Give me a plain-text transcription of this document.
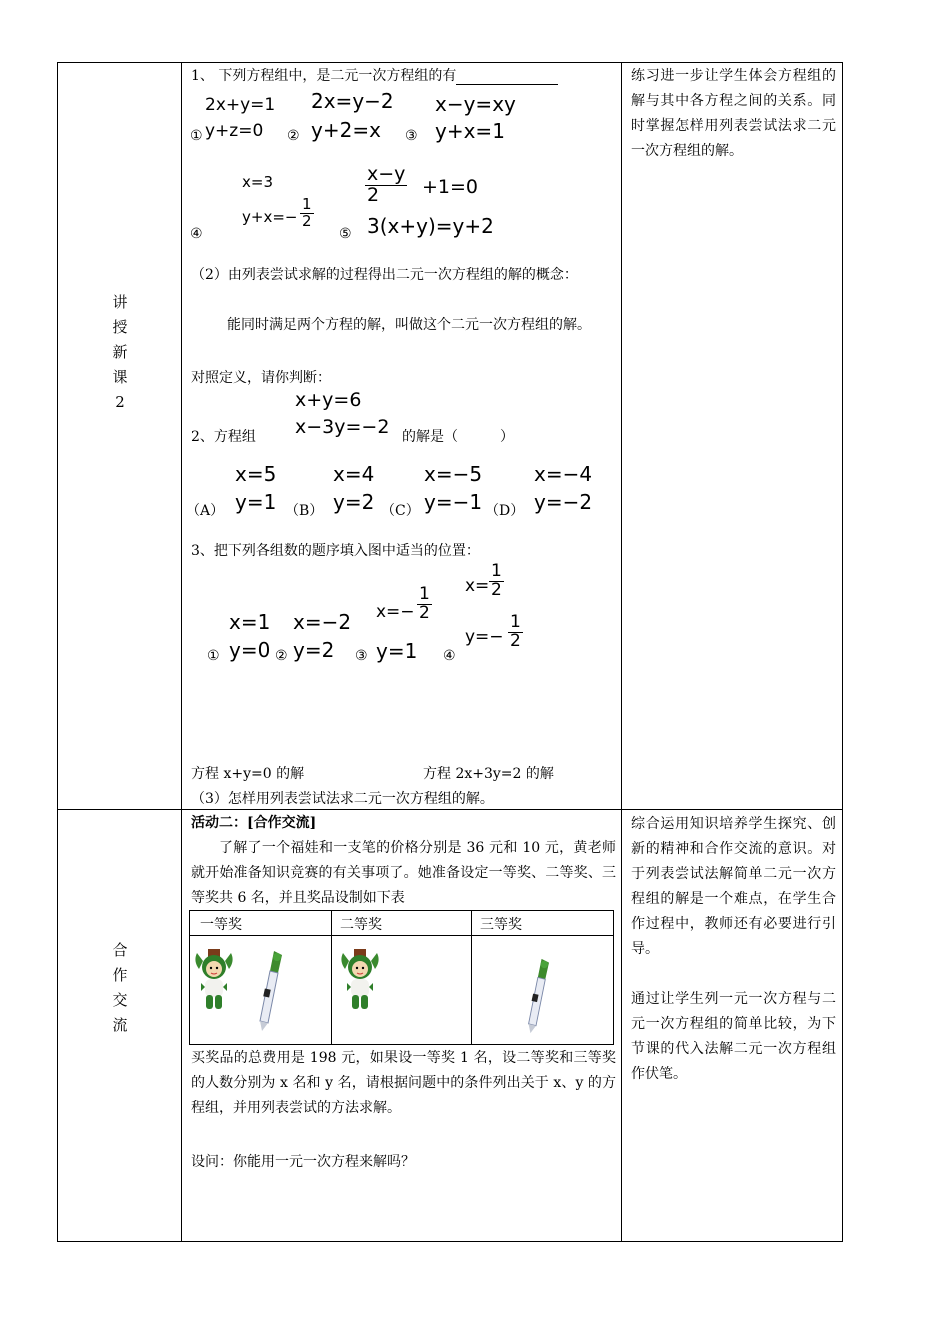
讲
授
新
课
2
1、 下列方程组中，是二元一次方程组的有
①
2x+y=1
y+z=0 ②
2x=y−2
y+2=x ③
x−y=xy
y+x=1
④
x=3
$y+x=- \frac{1}{2}$
⑤
$\frac{x-y}{2} +1=0$
3(x+y)=y+2
（2）由列表尝试求解的过程得出二元一次方程组的解的概念：
能同时满足两个方程的解，叫做这个二元一次方程组的解。
对照定义，请你判断：
2、方程组
x+y=6
x−3y=−2 的解是（　　　）
（A）
x=5
y=1 （B）
x=4
y=2 （C）
x=−5
y=−1 （D）
x=−4
y=−2
3、把下列各组数的题序填入图中适当的位置：
①
x=1
y=0 ②
x=−2
y=2 ③
$x=- \frac{1}{2}$
y=1 ④
$x= \frac{1}{2}$
$y=- \frac{1}{2}$
方程 x+y=0 的解	方程 2x+3y=2 的解
（3）怎样用列表尝试法求二元一次方程组的解。
练习进一步让学生体会方程组的解与其中各方程之间的关系。同时掌握怎样用列表尝试法求二元一次方程组的解。
合
作
交
流
活动二：[合作交流]
了解了一个福娃和一支笔的价格分别是 36 元和 10 元，黄老师就开始准备知识竞赛的有关事项了。她准备设定一等奖、二等奖、三等奖共 6 名，并且奖品设制如下表
一等奖	二等奖	三等奖
买奖品的总费用是 198 元，如果设一等奖 1 名，设二等奖和三等奖的人数分别为 x 名和 y 名，请根据问题中的条件列出关于 x、y 的方程组，并用列表尝试的方法求解。
设问：你能用一元一次方程来解吗？
综合运用知识培养学生探究、创新的精神和合作交流的意识。对于列表尝试法解简单二元一次方程组的解是一个难点，在学生合作过程中，教师还有必要进行引导。
通过让学生列一元一次方程与二元一次方程组的简单比较，为下节课的代入法解二元一次方程组作伏笔。
